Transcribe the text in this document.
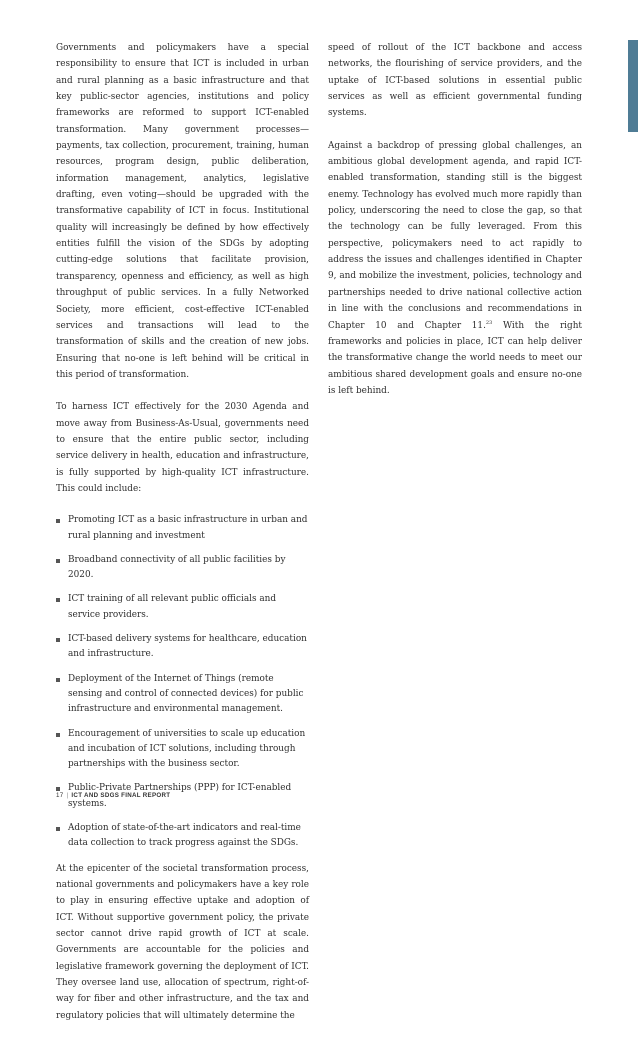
Governments and policymakers have a special responsibility to ensure that ICT is included in urban and rural planning as a basic infrastructure and that key public-sector agencies, institutions and policy frameworks are reformed to support ICT-enabled transformation. Many government processes—payments, tax collection, procurement, training, human resources, program design, public deliberation, information management, analytics, legislative drafting, even voting—should be upgraded with the transformative capability of ICT in focus. Institutional quality will increasingly be defined by how effectively entities fulfill the vision of the SDGs by adopting cutting-edge solutions that facilitate provision, transparency, openness and efficiency, as well as high throughput of public services. In a fully Networked Society, more efficient, cost-effective ICT-enabled services and transactions will lead to the transformation of skills and the creation of new jobs. Ensuring that no-one is left behind will be critical in this period of transformation.

To harness ICT effectively for the 2030 Agenda and move away from Business-As-Usual, governments need to ensure that the entire public sector, including service delivery in health, education and infrastructure, is fully supported by high-quality ICT infrastructure. This could include:

Promoting ICT as a basic infrastructure in urban and rural planning and investment
Broadband connectivity of all public facilities by 2020.
ICT training of all relevant public officials and service providers.
ICT-based delivery systems for healthcare, education and infrastructure.
Deployment of the Internet of Things (remote sensing and control of connected devices) for public infrastructure and environmental management.
Encouragement of universities to scale up education and incubation of ICT solutions, including through partnerships with the business sector.
Public-Private Partnerships (PPP) for ICT-enabled systems.
Adoption of state-of-the-art indicators and real-time data collection to track progress against the SDGs.

At the epicenter of the societal transformation process, national governments and policymakers have a key role to play in ensuring effective uptake and adoption of ICT. Without supportive government policy, the private sector cannot drive rapid growth of ICT at scale. Governments are accountable for the policies and legislative framework governing the deployment of ICT. They oversee land use, allocation of spectrum, right-of-way for fiber and other infrastructure, and the tax and regulatory policies that will ultimately determine the

speed of rollout of the ICT backbone and access networks, the flourishing of service providers, and the uptake of ICT-based solutions in essential public services as well as efficient governmental funding systems.

Against a backdrop of pressing global challenges, an ambitious global development agenda, and rapid ICT-enabled transformation, standing still is the biggest enemy. Technology has evolved much more rapidly than policy, underscoring the need to close the gap, so that the technology can be fully leveraged. From this perspective, policymakers need to act rapidly to address the issues and challenges identified in Chapter 9, and mobilize the investment, policies, technology and partnerships needed to drive national collective action in line with the conclusions and recommendations in Chapter 10 and Chapter 11.23 With the right frameworks and policies in place, ICT can help deliver the transformative change the world needs to meet our ambitious shared development goals and ensure no-one is left behind.

17 | ICT AND SDGS FINAL REPORT
